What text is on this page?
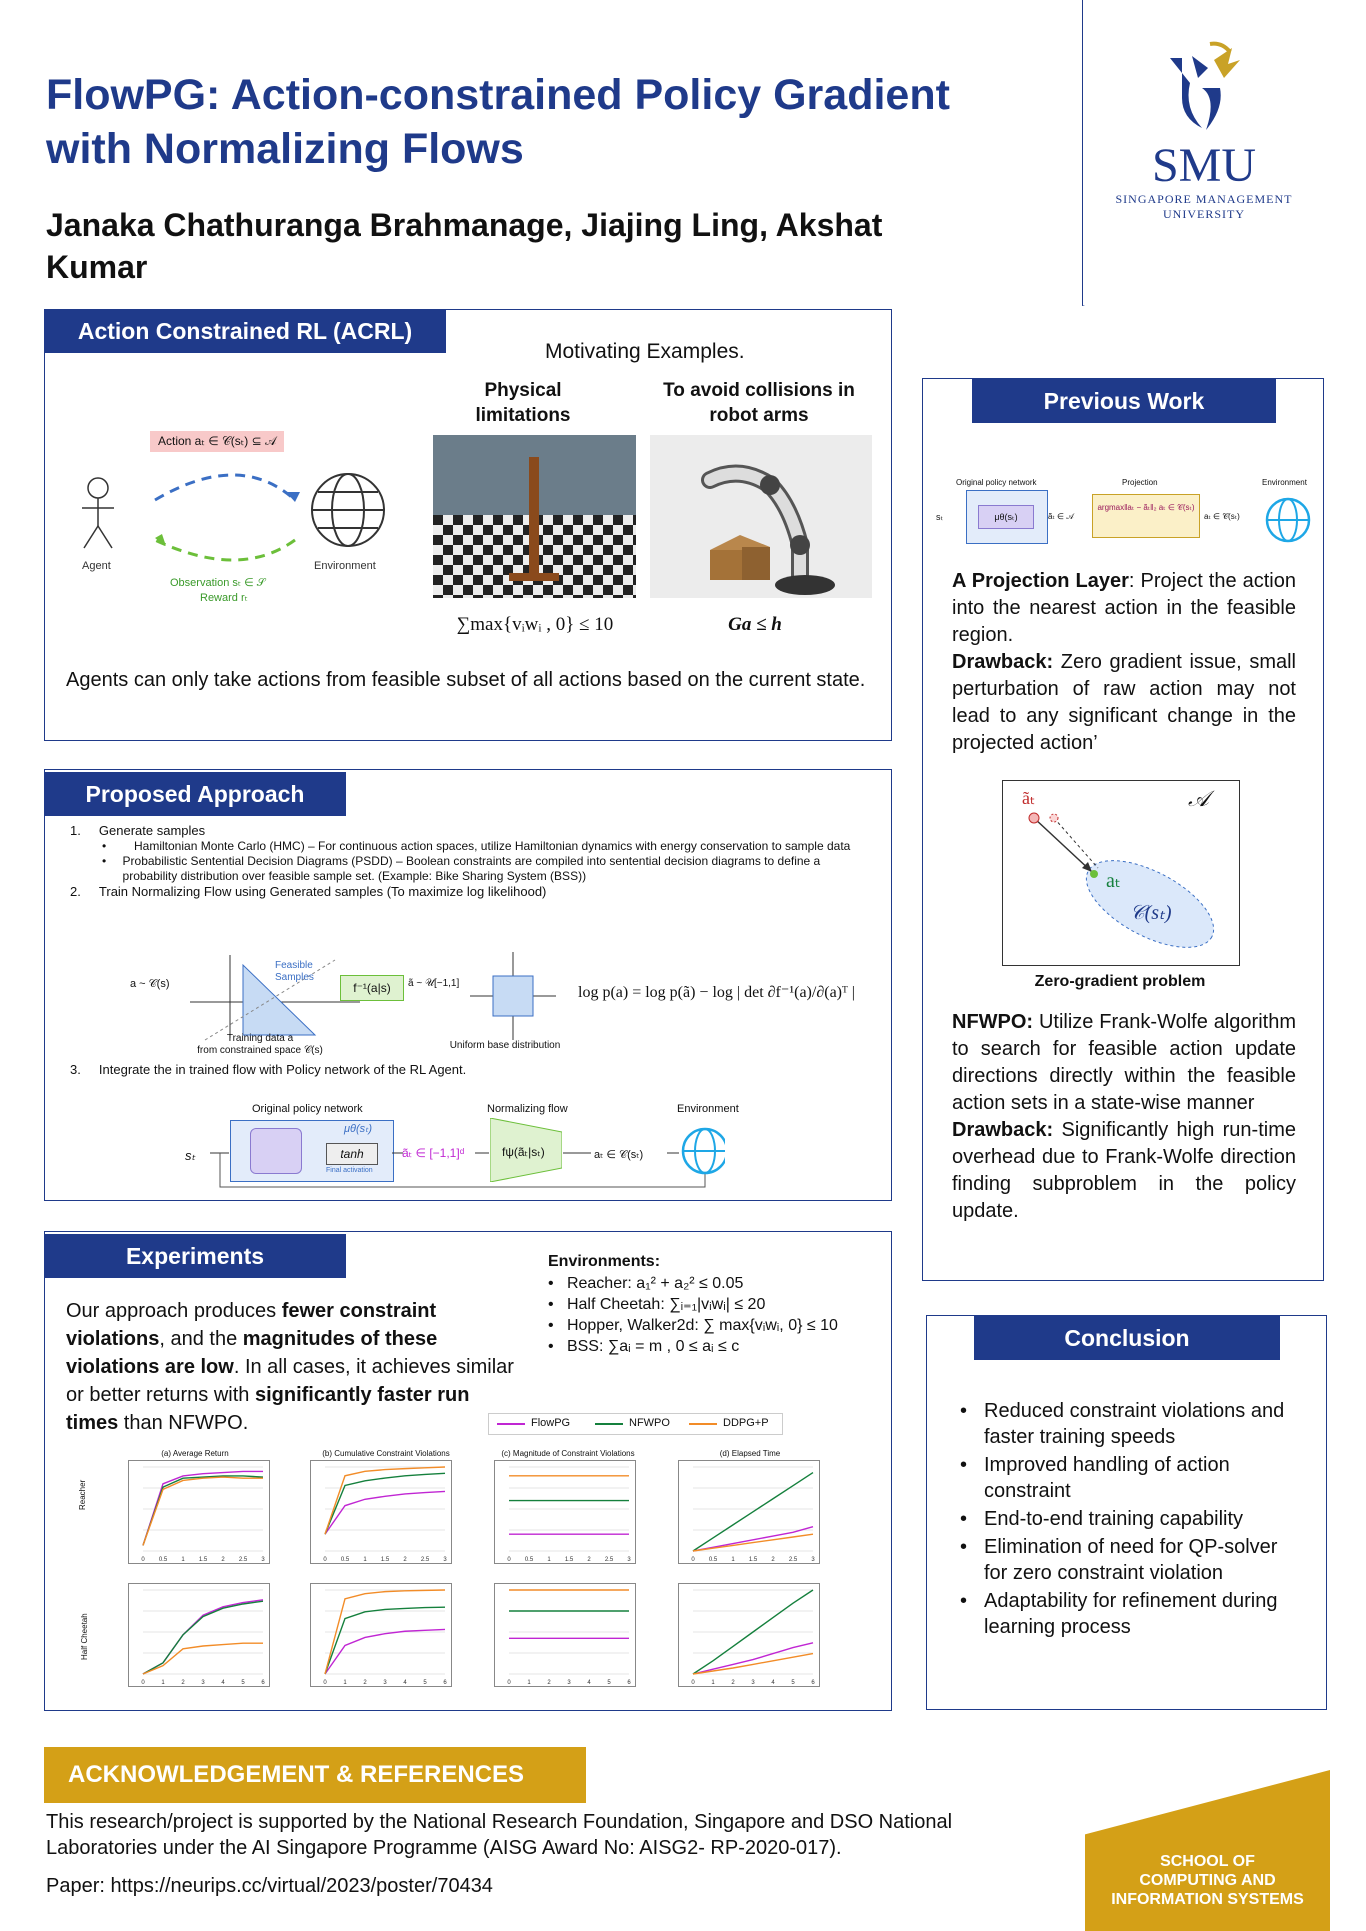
FlowPG: Action-constrained Policy Gradient with Normalizing Flows
Janaka Chathuranga Brahmanage, Jiajing Ling, Akshat Kumar
SMU
SINGAPORE MANAGEMENT
UNIVERSITY
Action Constrained RL (ACRL)
Motivating Examples.
Physical limitations
To avoid collisions in robot arms
∑max{vᵢwᵢ , 0} ≤ 10	Ga ≤ h
Action aₜ ∈ 𝒞(sₜ) ⊆ 𝒜
Agent	Environment
Observation sₜ ∈ 𝒮
Reward rₜ
Agents can only take actions from feasible subset of all actions based on the current state.
Proposed Approach
1. Generate samples
•	Hamiltonian Monte Carlo (HMC) – For continuous action spaces, utilize Hamiltonian dynamics with energy conservation to sample data
•	Probabilistic Sentential Decision Diagrams (PSDD) – Boolean constraints are compiled into sentential decision diagrams to define a probability distribution over feasible sample set. (Example: Bike Sharing System (BSS))
2. Train Normalizing Flow using Generated samples (To maximize log likelihood)
Feasible Samples
a ~ 𝒞(s)
Training data a
from constrained space 𝒞(s)
f⁻¹(a|s)	ã ~ 𝒰[−1,1]
Uniform base distribution
log p(a) = log p(ã) − log | det ∂f⁻¹(a)/∂(a)ᵀ |
3. Integrate the in trained flow with Policy network of the RL Agent.
Original policy network	Normalizing flow	Environment
μθ(sₜ)
tanh
Final activation
sₜ	ãₜ ∈ [−1,1]ᵈ	fψ(ãₜ|sₜ)	aₜ ∈ 𝒞(sₜ)
Experiments
Our approach produces fewer constraint violations, and the magnitudes of these violations are low. In all cases, it achieves similar or better returns with significantly faster run times than NFWPO.
Environments:
•   Reacher: a₁² + a₂² ≤ 0.05
•   Half Cheetah: ∑ᵢ₌₁|vᵢwᵢ| ≤ 20
•   Hopper, Walker2d: ∑ max{vᵢwᵢ, 0} ≤ 10
•   BSS: ∑aᵢ = m , 0 ≤ aᵢ ≤ c
FlowPG	NFWPO	DDPG+P
(a) Average Return	(b) Cumulative Constraint Violations	(c) Magnitude of Constraint Violations	(d) Elapsed Time
Reacher
Half Cheetah
0 0.5 1 1.5 2 2.5 3	0 0.5 1 1.5 2 2.5 3	0 0.5 1 1.5 2 2.5 3	0 0.5 1 1.5 2 2.5 3
0	1	2	3	4	5	6	0	1	2	3	4	5	6	0	1	2	3	4	5	6	0	1	2	3	4	5	6
Previous Work
Original policy network	Projection	Environment
μθ(sₜ)
sₜ	ãₜ ∈ 𝒜
argmax‖aₜ − ãₜ‖₂ aₜ ∈ 𝒞(sₜ)
aₜ ∈ 𝒞(sₜ)
A Projection Layer: Project the action into the nearest action in the feasible region.
Drawback: Zero gradient issue, small perturbation of raw action may not lead to any significant change in the projected action’
ãₜ	𝒜
aₜ
𝒞(sₜ)
Zero-gradient problem
NFWPO: Utilize Frank-Wolfe algorithm to search for feasible action update directions directly within the feasible action sets in a state-wise manner
Drawback: Significantly high run-time overhead due to Frank-Wolfe direction finding subproblem in the policy update.
Conclusion
• Reduced constraint violations and faster training speeds
• Improved handling of action constraint
• End-to-end training capability
• Elimination of need for QP-solver for zero constraint violation
• Adaptability for refinement during learning process
ACKNOWLEDGEMENT & REFERENCES
This research/project is supported by the National Research Foundation, Singapore and DSO National Laboratories under the AI Singapore Programme (AISG Award No: AISG2- RP-2020-017).
Paper: https://neurips.cc/virtual/2023/poster/70434
SCHOOL OF
COMPUTING AND
INFORMATION SYSTEMS
